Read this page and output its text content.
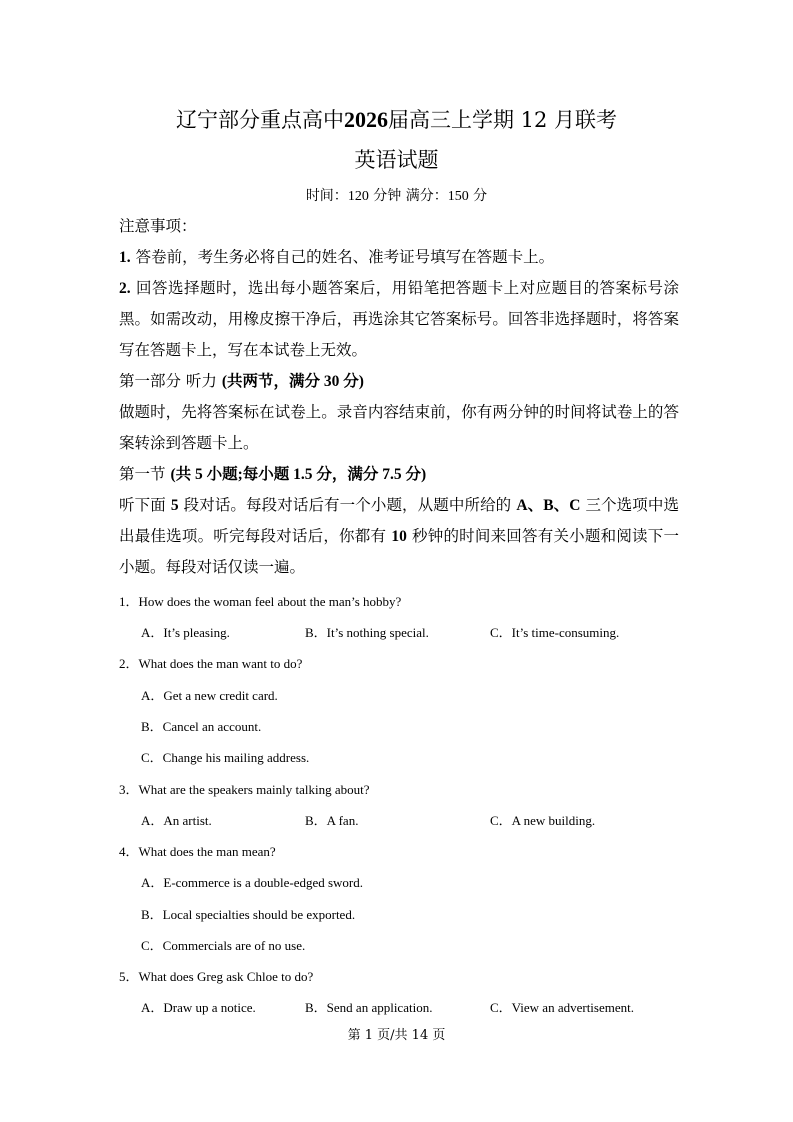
辽宁部分重点高中2026届高三上学期 12 月联考
英语试题
时间：120 分钟 满分：150 分
注意事项：
1. 答卷前，考生务必将自己的姓名、准考证号填写在答题卡上。
2. 回答选择题时，选出每小题答案后，用铅笔把答题卡上对应题目的答案标号涂黑。如需改动，用橡皮擦干净后，再选涂其它答案标号。回答非选择题时，将答案写在答题卡上，写在本试卷上无效。
第一部分 听力 (共两节，满分 30 分)
做题时，先将答案标在试卷上。录音内容结束前，你有两分钟的时间将试卷上的答案转涂到答题卡上。
第一节 (共 5 小题;每小题 1.5 分，满分 7.5 分)
听下面 5 段对话。每段对话后有一个小题，从题中所给的 A、B、C 三个选项中选出最佳选项。听完每段对话后，你都有 10 秒钟的时间来回答有关小题和阅读下一小题。每段对话仅读一遍。
1．How does the woman feel about the man’s hobby?
A．It’s pleasing.	B．It’s nothing special.	C．It’s time-consuming.
2．What does the man want to do?
A．Get a new credit card.
B．Cancel an account.
C．Change his mailing address.
3．What are the speakers mainly talking about?
A．An artist.	B．A fan.	C．A new building.
4．What does the man mean?
A．E-commerce is a double-edged sword.
B．Local specialties should be exported.
C．Commercials are of no use.
5．What does Greg ask Chloe to do?
A．Draw up a notice.	B．Send an application.	C．View an advertisement.
第 1 页/共 14 页
